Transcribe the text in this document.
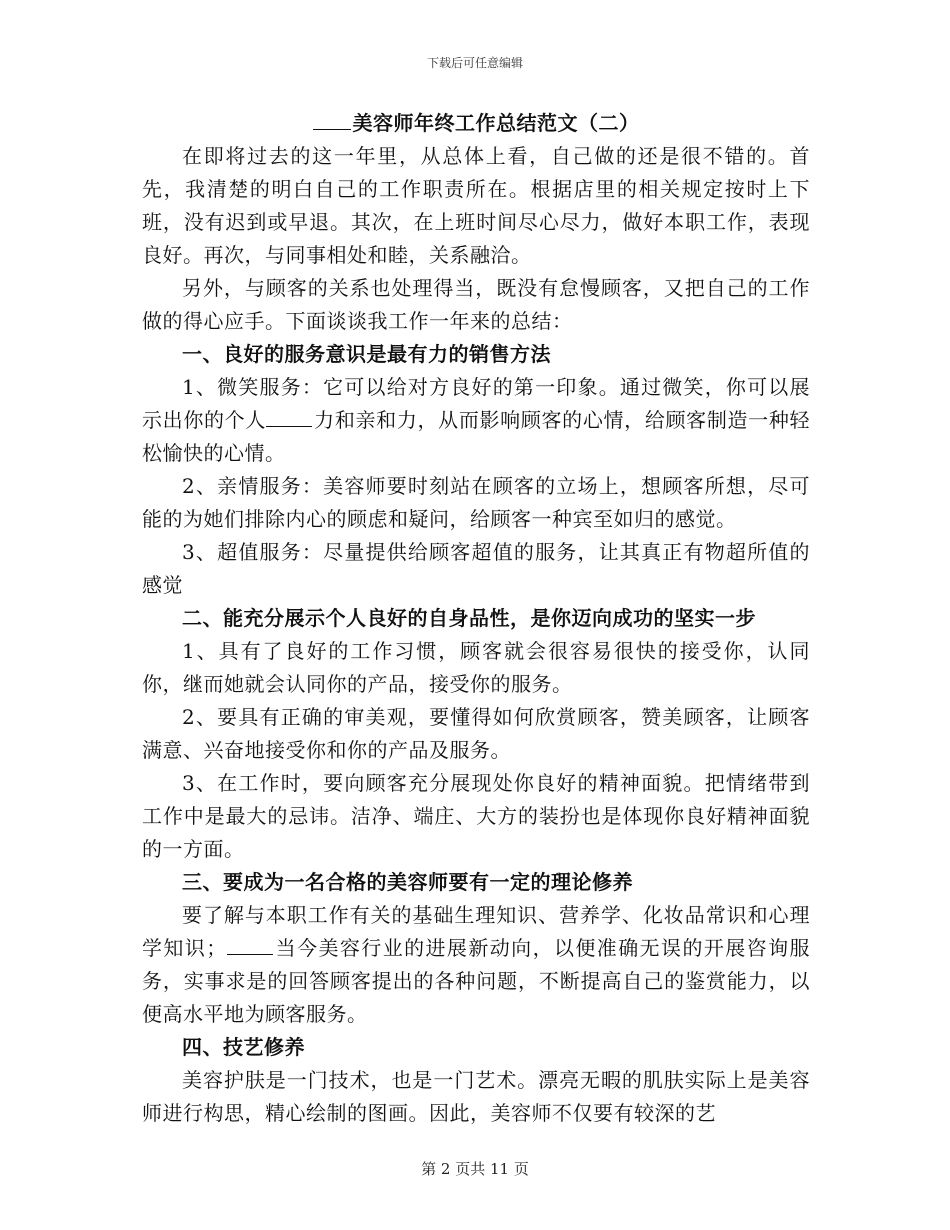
下载后可任意编辑
美容师年终工作总结范文（二）

在即将过去的这一年里，从总体上看，自己做的还是很不错的。首先，我清楚的明白自己的工作职责所在。根据店里的相关规定按时上下班，没有迟到或早退。其次，在上班时间尽心尽力，做好本职工作，表现良好。再次，与同事相处和睦，关系融洽。

另外，与顾客的关系也处理得当，既没有怠慢顾客，又把自己的工作做的得心应手。下面谈谈我工作一年来的总结：

一、良好的服务意识是最有力的销售方法

1、微笑服务：它可以给对方良好的第一印象。通过微笑，你可以展示出你的个人 力和亲和力，从而影响顾客的心情，给顾客制造一种轻松愉快的心情。

2、亲情服务：美容师要时刻站在顾客的立场上，想顾客所想，尽可能的为她们排除内心的顾虑和疑问，给顾客一种宾至如归的感觉。

3、超值服务：尽量提供给顾客超值的服务，让其真正有物超所值的感觉

二、能充分展示个人良好的自身品性，是你迈向成功的坚实一步

1、具有了良好的工作习惯，顾客就会很容易很快的接受你，认同你，继而她就会认同你的产品，接受你的服务。

2、要具有正确的审美观，要懂得如何欣赏顾客，赞美顾客，让顾客满意、兴奋地接受你和你的产品及服务。

3、在工作时，要向顾客充分展现处你良好的精神面貌。把情绪带到工作中是最大的忌讳。洁净、端庄、大方的装扮也是体现你良好精神面貌的一方面。

三、要成为一名合格的美容师要有一定的理论修养

要了解与本职工作有关的基础生理知识、营养学、化妆品常识和心理学知识； 当今美容行业的进展新动向，以便准确无误的开展咨询服务，实事求是的回答顾客提出的各种问题，不断提高自己的鉴赏能力，以便高水平地为顾客服务。

四、技艺修养

美容护肤是一门技术，也是一门艺术。漂亮无暇的肌肤实际上是美容师进行构思，精心绘制的图画。因此，美容师不仅要有较深的艺

第 2 页共 11 页
